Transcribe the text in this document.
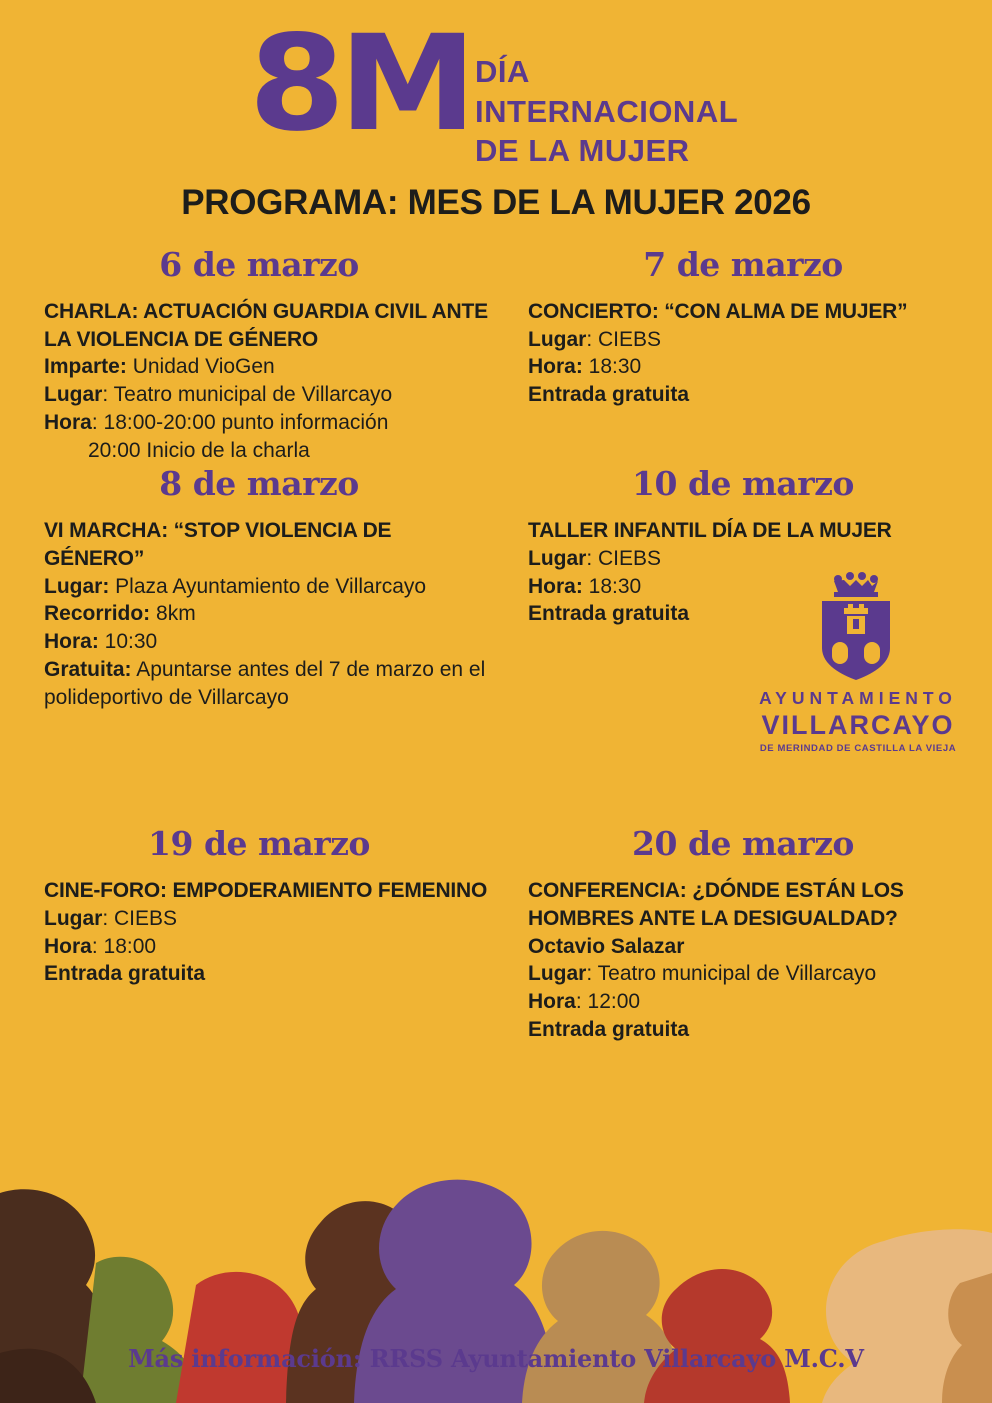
8M DÍA
INTERNACIONAL
DE LA MUJER
PROGRAMA: MES DE LA MUJER 2026
6 de marzo
CHARLA: ACTUACIÓN GUARDIA CIVIL ANTE LA VIOLENCIA DE GÉNERO
Imparte: Unidad VioGen
Lugar: Teatro municipal de Villarcayo
Hora: 18:00-20:00 punto información
20:00 Inicio de la charla
7 de marzo
CONCIERTO: “CON ALMA DE MUJER”
Lugar: CIEBS
Hora: 18:30
Entrada gratuita
8 de marzo
VI MARCHA: “STOP VIOLENCIA DE GÉNERO”
Lugar: Plaza Ayuntamiento de Villarcayo
Recorrido: 8km
Hora: 10:30
Gratuita: Apuntarse antes del 7 de marzo en el polideportivo de Villarcayo
10 de marzo
TALLER INFANTIL DÍA DE LA MUJER
Lugar: CIEBS
Hora: 18:30
Entrada gratuita
AYUNTAMIENTO
VILLARCAYO
DE MERINDAD DE CASTILLA LA VIEJA
19 de marzo
CINE-FORO: EMPODERAMIENTO FEMENINO
Lugar: CIEBS
Hora: 18:00
Entrada gratuita
20 de marzo
CONFERENCIA: ¿DÓNDE ESTÁN LOS HOMBRES ANTE LA DESIGUALDAD?
Octavio Salazar
Lugar: Teatro municipal de Villarcayo
Hora: 12:00
Entrada gratuita
Más información: RRSS Ayuntamiento Villarcayo M.C.V
